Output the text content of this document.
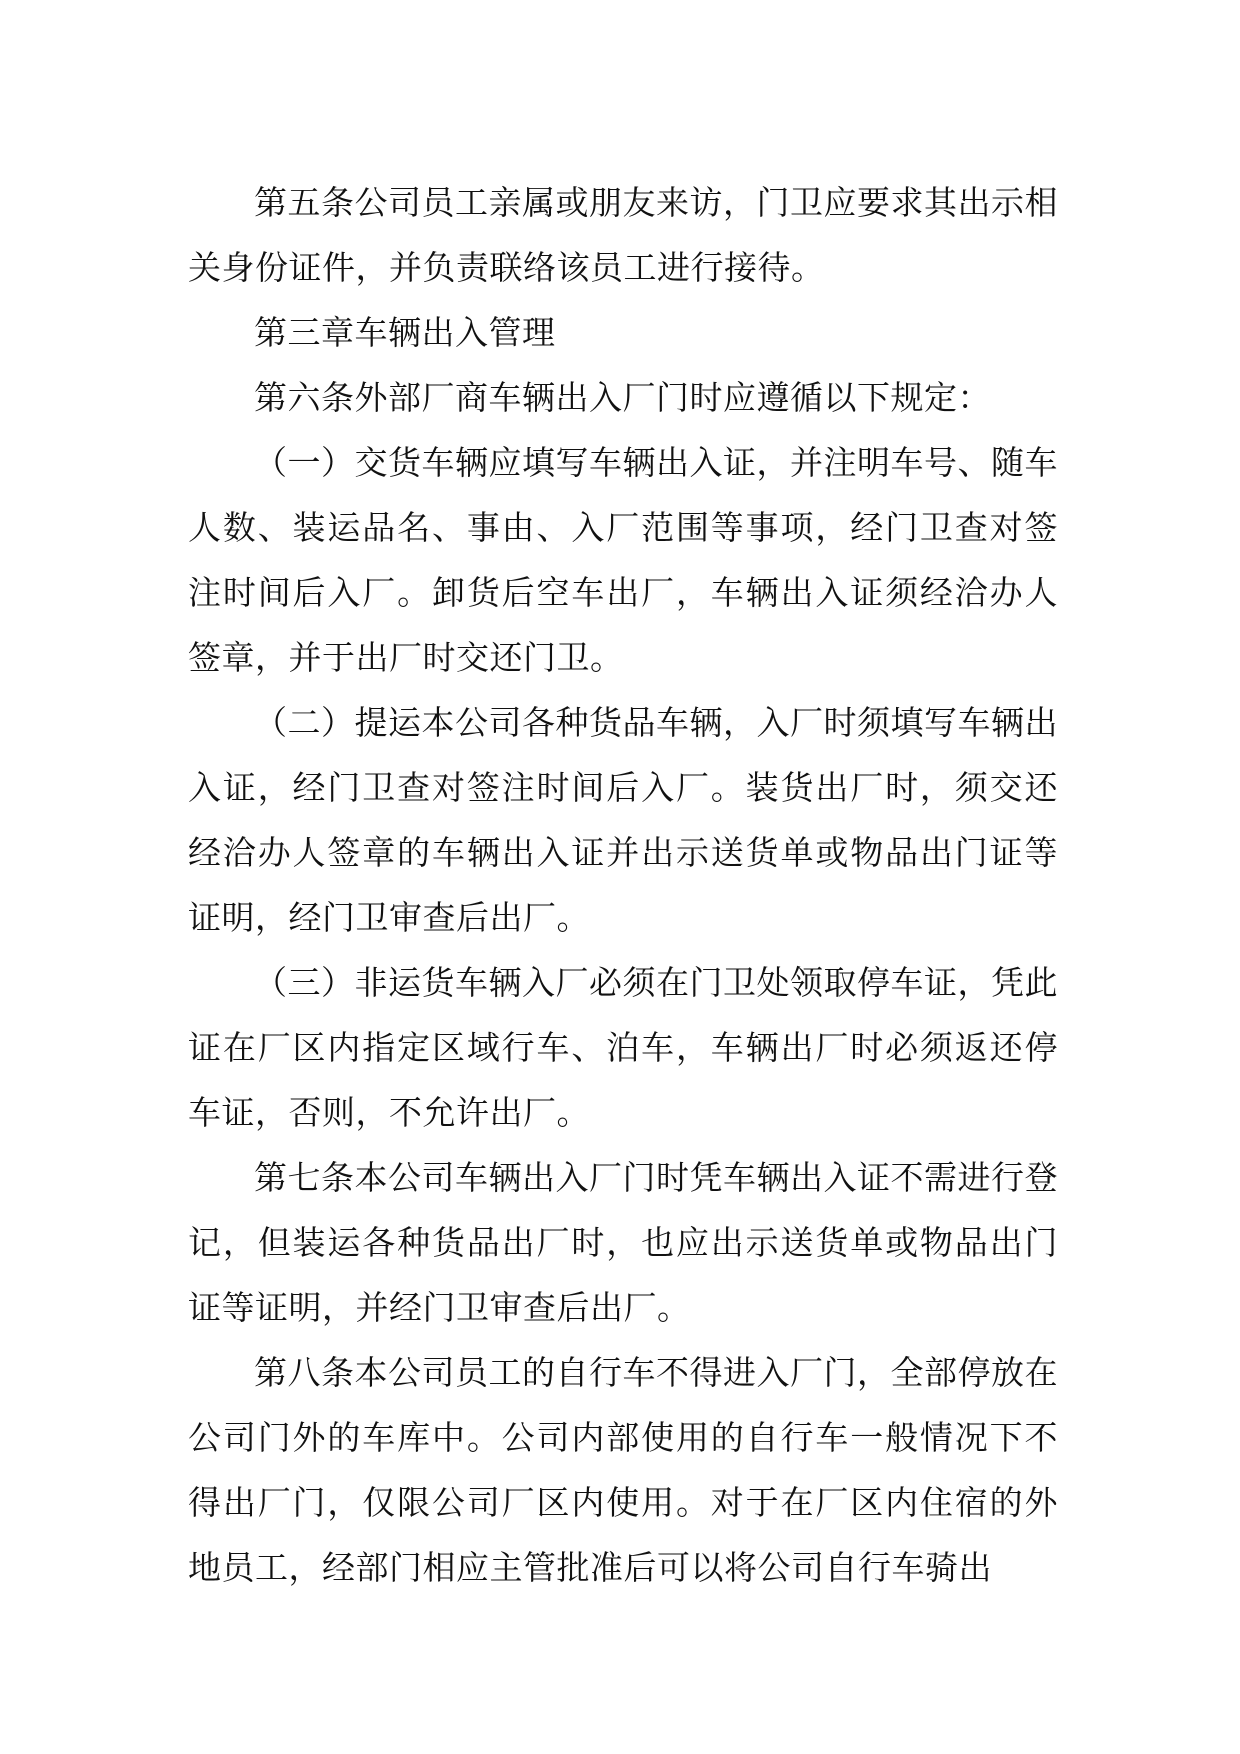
第五条公司员工亲属或朋友来访，门卫应要求其出示相关身份证件，并负责联络该员工进行接待。

第三章车辆出入管理

第六条外部厂商车辆出入厂门时应遵循以下规定：

（一）交货车辆应填写车辆出入证，并注明车号、随车人数、装运品名、事由、入厂范围等事项，经门卫查对签注时间后入厂。卸货后空车出厂，车辆出入证须经洽办人签章，并于出厂时交还门卫。

（二）提运本公司各种货品车辆，入厂时须填写车辆出入证，经门卫查对签注时间后入厂。装货出厂时，须交还经洽办人签章的车辆出入证并出示送货单或物品出门证等证明，经门卫审查后出厂。

（三）非运货车辆入厂必须在门卫处领取停车证，凭此证在厂区内指定区域行车、泊车，车辆出厂时必须返还停车证，否则，不允许出厂。

第七条本公司车辆出入厂门时凭车辆出入证不需进行登记，但装运各种货品出厂时，也应出示送货单或物品出门证等证明，并经门卫审查后出厂。

第八条本公司员工的自行车不得进入厂门，全部停放在公司门外的车库中。公司内部使用的自行车一般情况下不得出厂门，仅限公司厂区内使用。对于在厂区内住宿的外地员工，经部门相应主管批准后可以将公司自行车骑出
